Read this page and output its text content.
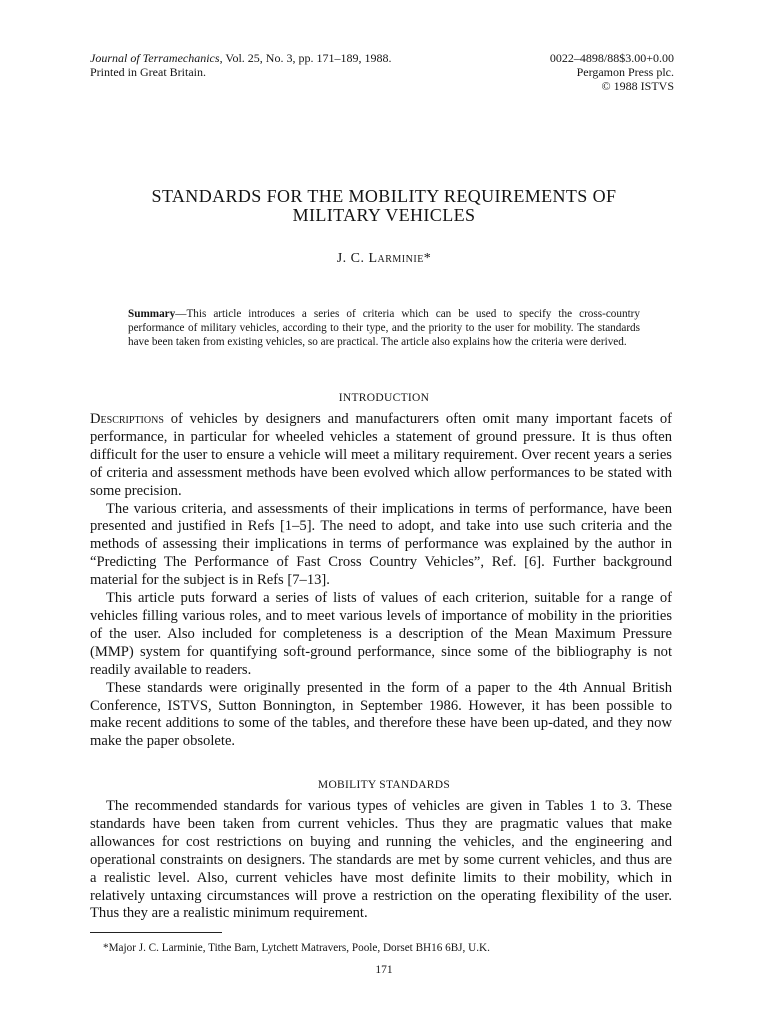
Journal of Terramechanics, Vol. 25, No. 3, pp. 171–189, 1988.
Printed in Great Britain.
0022–4898/88$3.00+0.00
Pergamon Press plc.
© 1988 ISTVS
STANDARDS FOR THE MOBILITY REQUIREMENTS OF
MILITARY VEHICLES
J. C. Larminie*
Summary—This article introduces a series of criteria which can be used to specify the cross-country performance of military vehicles, according to their type, and the priority to the user for mobility. The standards have been taken from existing vehicles, so are practical. The article also explains how the criteria were derived.
INTRODUCTION

Descriptions of vehicles by designers and manufacturers often omit many important facets of performance, in particular for wheeled vehicles a statement of ground pressure. It is thus often difficult for the user to ensure a vehicle will meet a military requirement. Over recent years a series of criteria and assessment methods have been evolved which allow performances to be stated with some precision.

The various criteria, and assessments of their implications in terms of performance, have been presented and justified in Refs [1–5]. The need to adopt, and take into use such criteria and the methods of assessing their implications in terms of performance was explained by the author in “Predicting The Performance of Fast Cross Country Vehicles”, Ref. [6]. Further background material for the subject is in Refs [7–13].

This article puts forward a series of lists of values of each criterion, suitable for a range of vehicles filling various roles, and to meet various levels of importance of mobility in the priorities of the user. Also included for completeness is a description of the Mean Maximum Pressure (MMP) system for quantifying soft-ground performance, since some of the bibliography is not readily available to readers.

These standards were originally presented in the form of a paper to the 4th Annual British Conference, ISTVS, Sutton Bonnington, in September 1986. However, it has been possible to make recent additions to some of the tables, and therefore these have been up-dated, and they now make the paper obsolete.

MOBILITY STANDARDS

The recommended standards for various types of vehicles are given in Tables 1 to 3. These standards have been taken from current vehicles. Thus they are pragmatic values that make allowances for cost restrictions on buying and running the vehicles, and the engineering and operational constraints on designers. The standards are met by some current vehicles, and thus are a realistic level. Also, current vehicles have most definite limits to their mobility, which in relatively untaxing circumstances will prove a restriction on the operating flexibility of the user. Thus they are a realistic minimum requirement.

*Major J. C. Larminie, Tithe Barn, Lytchett Matravers, Poole, Dorset BH16 6BJ, U.K.
171
